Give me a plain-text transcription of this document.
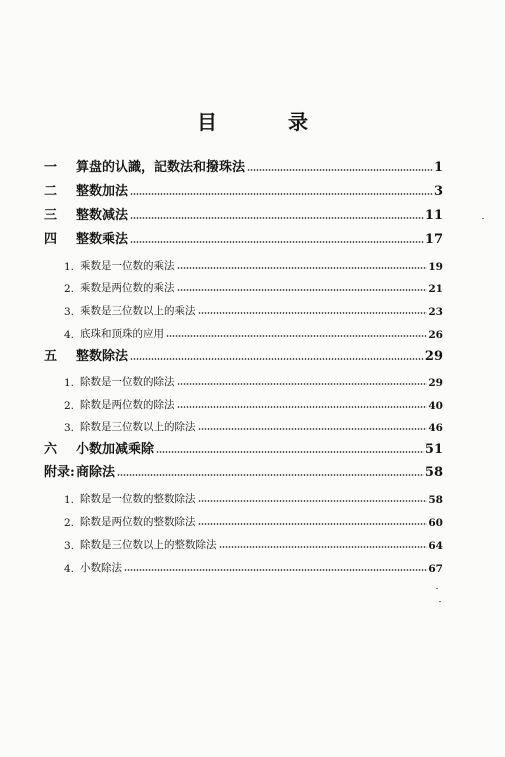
目 录
一	算盘的认識，記数法和撥珠法	1
二	整数加法	3
三	整数减法	11
四	整数乘法	17
1. 乘数是一位数的乘法	19
2. 乘数是两位数的乘法	21
3. 乘数是三位数以上的乘法	23
4. 底珠和顶珠的应用	26
五	整数除法	29
1. 除数是一位数的除法	29
2. 除数是两位数的除法	40
3. 除数是三位数以上的除法	46
六	小数加减乘除	51
附录: 商除法	58
1. 除数是一位数的整数除法	58
2. 除数是两位数的整数除法	60
3. 除数是三位数以上的整数除法	64
4. 小数除法	67
